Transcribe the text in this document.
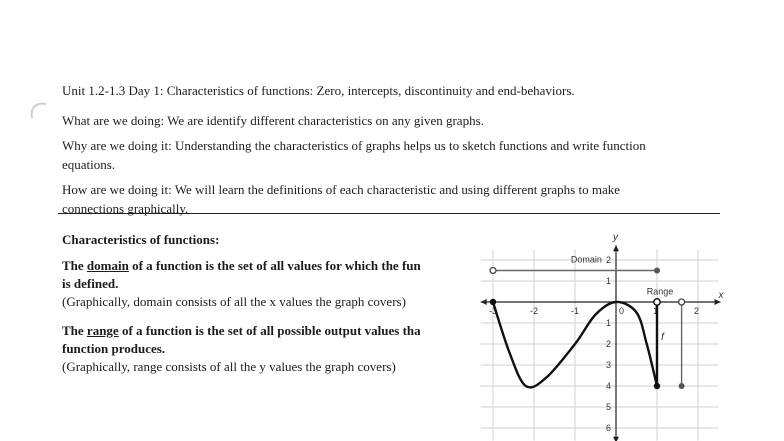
Unit 1.2-1.3 Day 1: Characteristics of functions: Zero, intercepts, discontinuity and end-behaviors.
What are we doing: We are identify different characteristics on any given graphs.
Why are we doing it: Understanding the characteristics of graphs helps us to sketch functions and write function
equations.
How are we doing it: We will learn the definitions of each characteristic and using different graphs to make
connections graphically.
Characteristics of functions:
The domain of a function is the set of all values for which the fun
is defined.
(Graphically, domain consists of all the x values the graph covers)
The range of a function is the set of all possible output values tha
function produces.
(Graphically, range consists of all the y values the graph covers)
-3	-2	-1	0	1	2
2
1
1
2
3
4
5
6
Domain
Range
f
x
y
